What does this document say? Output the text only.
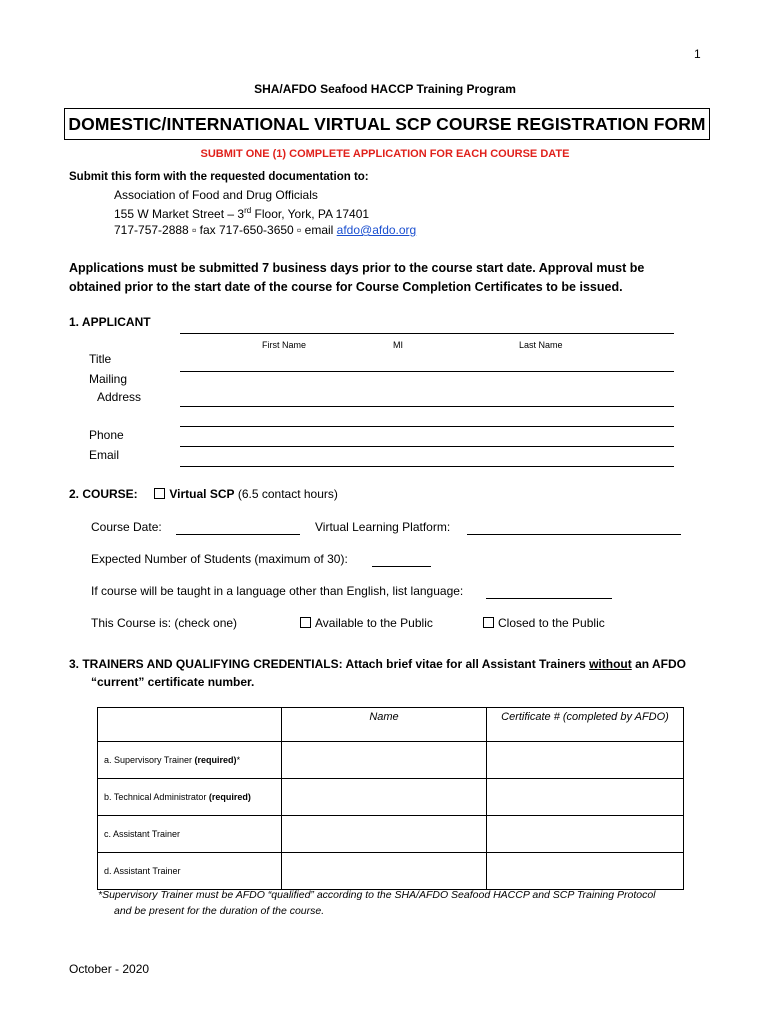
1
SHA/AFDO Seafood HACCP Training Program
DOMESTIC/INTERNATIONAL VIRTUAL SCP COURSE REGISTRATION FORM
SUBMIT ONE (1) COMPLETE APPLICATION FOR EACH COURSE DATE
Submit this form with the requested documentation to:
Association of Food and Drug Officials
155 W Market Street – 3rd Floor, York, PA 17401
717-757-2888 ▫ fax 717-650-3650 ▫ email afdo@afdo.org
Applications must be submitted 7 business days prior to the course start date. Approval must be
obtained prior to the start date of the course for Course Completion Certificates to be issued.
1. APPLICANT
First Name	MI	Last Name
Title
Mailing
Address
Phone
Email
2. COURSE:	Virtual SCP (6.5 contact hours)
Course Date:	Virtual Learning Platform:
Expected Number of Students (maximum of 30):
If course will be taught in a language other than English, list language:
This Course is: (check one)	Available to the Public	Closed to the Public
3. TRAINERS AND QUALIFYING CREDENTIALS: Attach brief vitae for all Assistant Trainers without an AFDO
“current” certificate number.
	Name	Certificate # (completed by AFDO)
a. Supervisory Trainer (required)*		
b. Technical Administrator (required)		
c. Assistant Trainer		
d. Assistant Trainer		
*Supervisory Trainer must be AFDO “qualified” according to the SHA/AFDO Seafood HACCP and SCP Training Protocol
and be present for the duration of the course.
October - 2020
